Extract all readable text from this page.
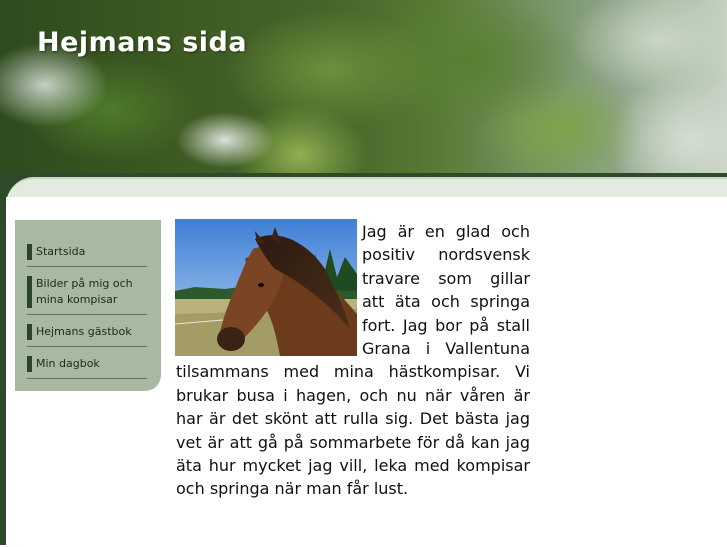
Hejmans sida
Startsida
Bilder på mig och mina kompisar
Hejmans gästbok
Min dagbok

Jag är en glad och positiv nordsvensk travare som gillar att äta och springa fort. Jag bor på stall Grana i Vallentuna tilsammans med mina hästkompisar. Vi brukar busa i hagen, och nu när våren är har är det skönt att rulla sig. Det bästa jag vet är att gå på sommarbete för då kan jag äta hur mycket jag vill, leka med kompisar och springa när man får lust.
